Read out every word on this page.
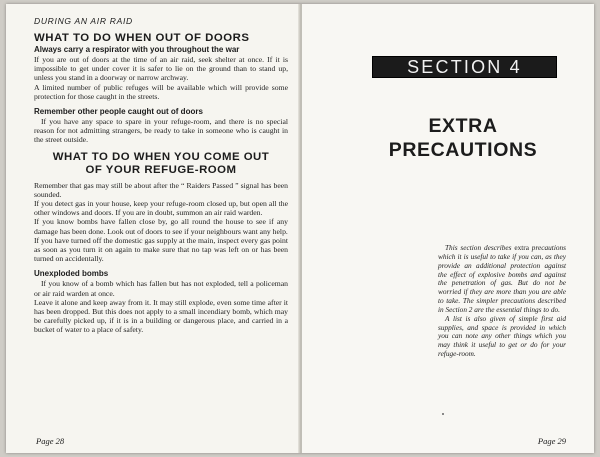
DURING AN AIR RAID
WHAT TO DO WHEN OUT OF DOORS
Always carry a respirator with you throughout the war

If you are out of doors at the time of an air raid, seek shelter at once. If it is impossible to get under cover it is safer to lie on the ground than to stand up, unless you stand in a doorway or narrow archway.

A limited number of public refuges will be available which will provide some protection for those caught in the streets.

Remember other people caught out of doors

If you have any space to spare in your refuge-room, and there is no special reason for not admitting strangers, be ready to take in someone who is caught in the street outside.

WHAT TO DO WHEN YOU COME OUT
OF YOUR REFUGE-ROOM

Remember that gas may still be about after the “ Raiders Passed ” signal has been sounded.

If you detect gas in your house, keep your refuge-room closed up, but open all the other windows and doors. If you are in doubt, summon an air raid warden.

If you know bombs have fallen close by, go all round the house to see if any damage has been done. Look out of doors to see if your neighbours want any help.

If you have turned off the domestic gas supply at the main, inspect every gas point as soon as you turn it on again to make sure that no tap was left on or has been turned on accidentally.

Unexploded bombs

If you know of a bomb which has fallen but has not exploded, tell a policeman or air raid warden at once.

Leave it alone and keep away from it. It may still explode, even some time after it has been dropped. But this does not apply to a small incendiary bomb, which may be carefully picked up, if it is in a building or dangerous place, and carried in a bucket of water to a place of safety.

Page 28
SECTION 4
EXTRA
PRECAUTIONS

This section describes extra precautions which it is useful to take if you can, as they provide an additional protection against the effect of explosive bombs and against the penetration of gas. But do not be worried if they are more than you are able to take. The simpler precautions described in Section 2 are the essential things to do.

A list is also given of simple first aid supplies, and space is provided in which you can note any other things which you may think it useful to get or do for your refuge-room.

Page 29
